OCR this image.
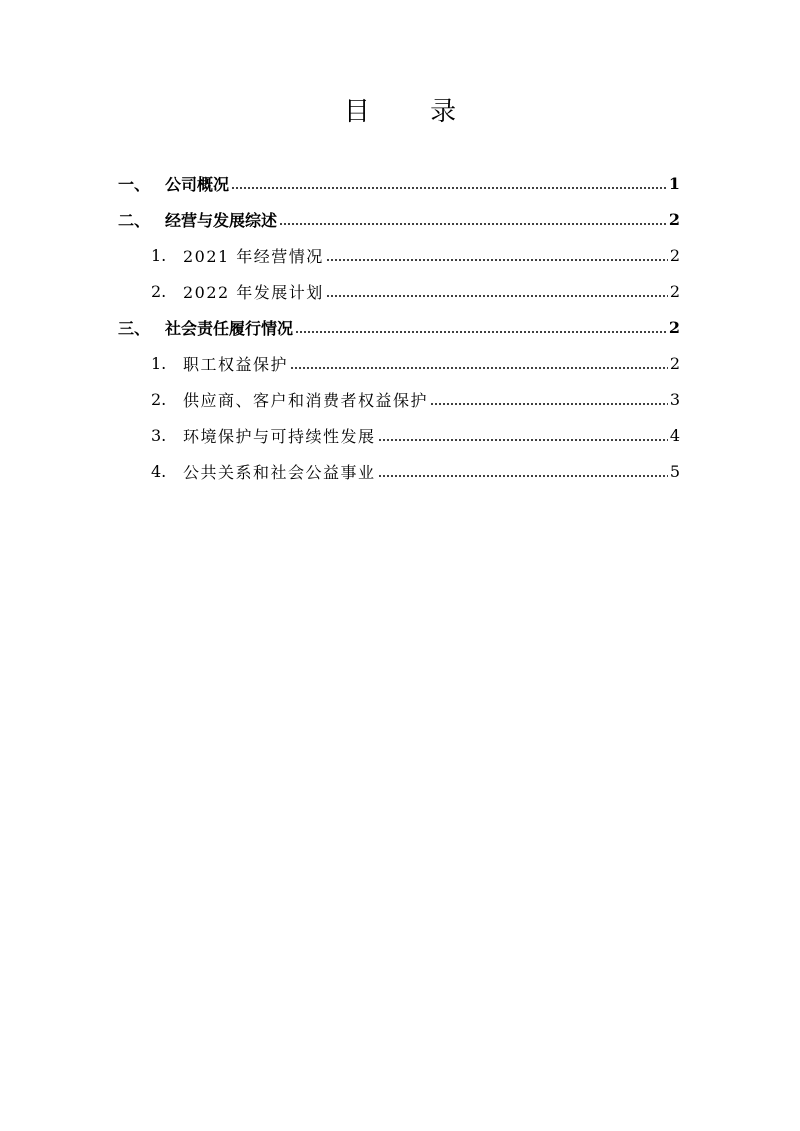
目 录
一、 公司概况	1
二、 经营与发展综述	2
1.	2021 年经营情况	2
2.	2022 年发展计划	2
三、 社会责任履行情况	2
1.	职工权益保护	2
2.	供应商、客户和消费者权益保护	3
3.	环境保护与可持续性发展	4
4.	公共关系和社会公益事业	5
